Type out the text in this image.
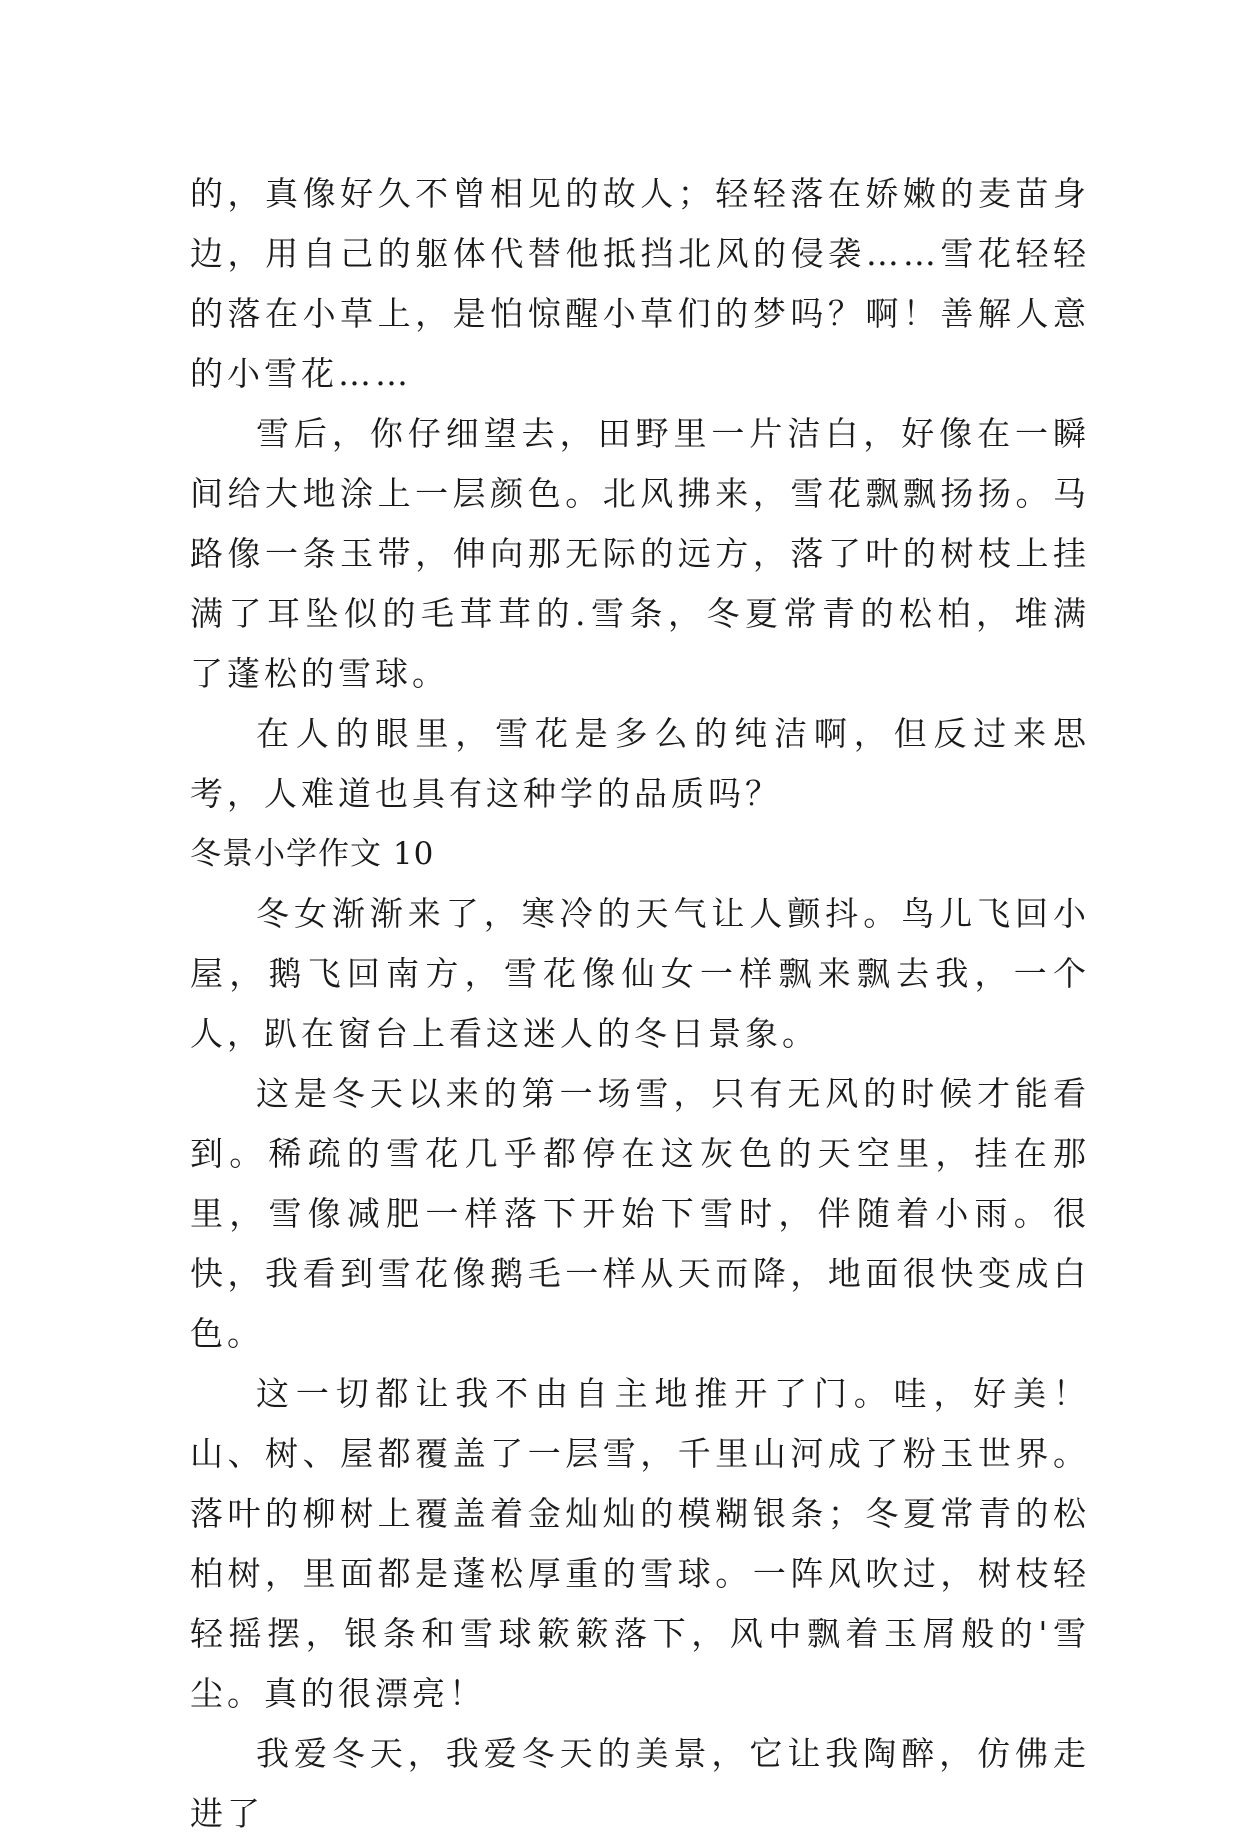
的，真像好久不曾相见的故人；轻轻落在娇嫩的麦苗身边，用自己的躯体代替他抵挡北风的侵袭……雪花轻轻的落在小草上，是怕惊醒小草们的梦吗？啊！善解人意的小雪花……

雪后，你仔细望去，田野里一片洁白，好像在一瞬间给大地涂上一层颜色。北风拂来，雪花飘飘扬扬。马路像一条玉带，伸向那无际的远方，落了叶的树枝上挂满了耳坠似的毛茸茸的.雪条，冬夏常青的松柏，堆满了蓬松的雪球。

在人的眼里，雪花是多么的纯洁啊，但反过来思考，人难道也具有这种学的品质吗？

冬景小学作文 10

冬女渐渐来了，寒冷的天气让人颤抖。鸟儿飞回小屋，鹅飞回南方，雪花像仙女一样飘来飘去我，一个人，趴在窗台上看这迷人的冬日景象。

这是冬天以来的第一场雪，只有无风的时候才能看到。稀疏的雪花几乎都停在这灰色的天空里，挂在那里，雪像减肥一样落下开始下雪时，伴随着小雨。很快，我看到雪花像鹅毛一样从天而降，地面很快变成白色。

这一切都让我不由自主地推开了门。哇，好美！山、树、屋都覆盖了一层雪，千里山河成了粉玉世界。落叶的柳树上覆盖着金灿灿的模糊银条；冬夏常青的松柏树，里面都是蓬松厚重的雪球。一阵风吹过，树枝轻轻摇摆，银条和雪球簌簌落下，风中飘着玉屑般的'雪尘。真的很漂亮！

我爱冬天，我爱冬天的美景，它让我陶醉，仿佛走进了
